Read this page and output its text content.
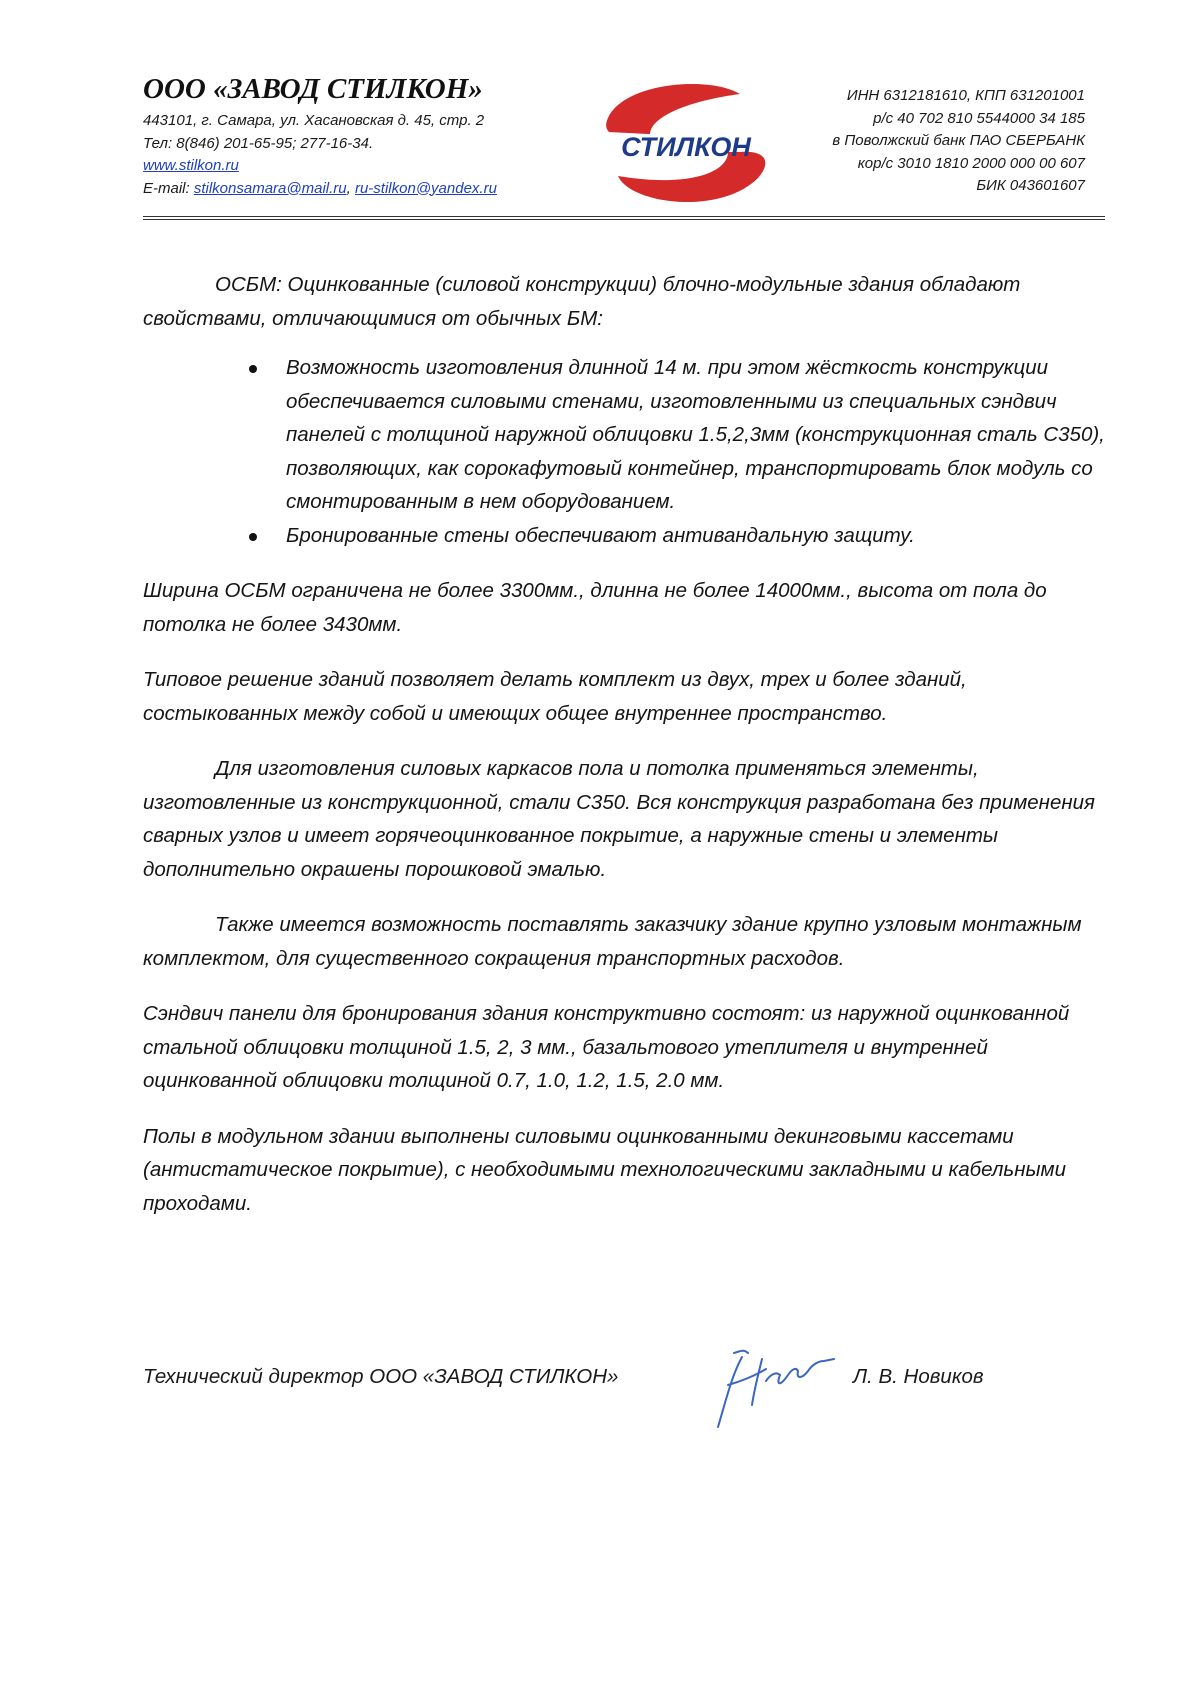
ООО «ЗАВОД СТИЛКОН»
443101, г. Самара, ул. Хасановская д. 45, стр. 2
Тел: 8(846) 201-65-95; 277-16-34.
www.stilkon.ru
E-mail: stilkonsamara@mail.ru, ru-stilkon@yandex.ru
СТИЛКОН
ИНН 6312181610, КПП 631201001
р/с 40 702 810 5544000 34 185
в Поволжский банк ПАО СБЕРБАНК
кор/с 3010 1810 2000 000 00 607
БИК 043601607

ОСБМ: Оцинкованные (силовой конструкции) блочно-модульные здания обладают свойствами, отличающимися от обычных БМ:

Возможность изготовления длинной 14 м. при этом жёсткость конструкции обеспечивается силовыми стенами, изготовленными из специальных сэндвич панелей с толщиной наружной облицовки 1.5,2,3мм (конструкционная сталь С350), позволяющих, как сорокафутовый контейнер, транспортировать блок модуль со смонтированным в нем оборудованием.
Бронированные стены обеспечивают антивандальную защиту.

Ширина ОСБМ ограничена не более 3300мм., длинна не более 14000мм., высота от пола до потолка не более 3430мм.

Типовое решение зданий позволяет делать комплект из двух, трех и более зданий, состыкованных между собой и имеющих общее внутреннее пространство.

Для изготовления силовых каркасов пола и потолка применяться элементы, изготовленные из конструкционной, стали С350. Вся конструкция разработана без применения сварных узлов и имеет горячеоцинкованное покрытие, а наружные стены и элементы дополнительно окрашены порошковой эмалью.

Также имеется возможность поставлять заказчику здание крупно узловым монтажным комплектом, для существенного сокращения транспортных расходов.

Сэндвич панели для бронирования здания конструктивно состоят: из наружной оцинкованной стальной облицовки толщиной 1.5, 2, 3 мм., базальтового утеплителя и внутренней оцинкованной облицовки толщиной 0.7, 1.0, 1.2, 1.5, 2.0 мм.

Полы в модульном здании выполнены силовыми оцинкованными декинговыми кассетами (антистатическое покрытие), с необходимыми технологическими закладными и кабельными проходами.

Технический директор ООО «ЗАВОД СТИЛКОН»	Л. В. Новиков
